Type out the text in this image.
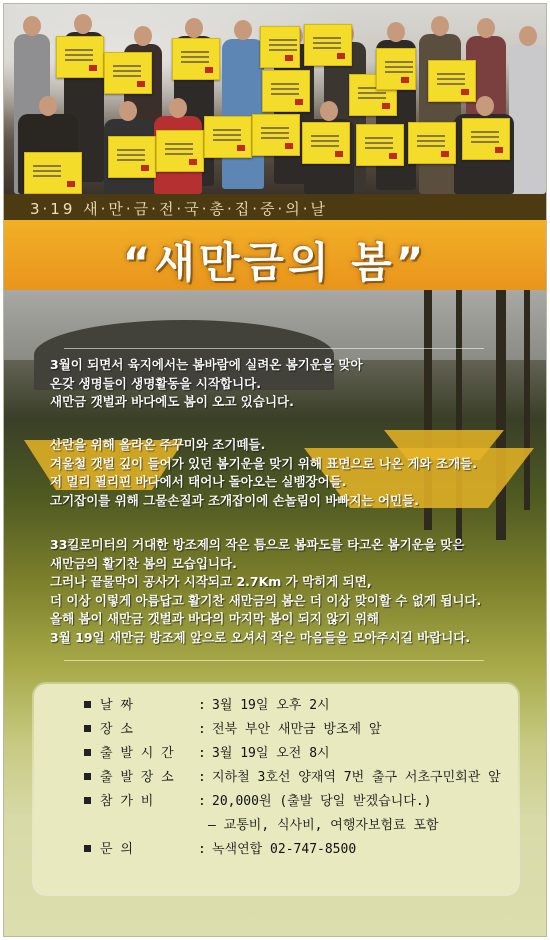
3·19 새·만·금·전·국·총·집·중·의·날
“새만금의 봄”
3월이 되면서 육지에서는 봄바람에 실려온 봄기운을 맞아
온갖 생명들이 생명활동을 시작합니다.
새만금 갯벌과 바다에도 봄이 오고 있습니다.
산란을 위해 올라온 주꾸미와 조기떼들.
겨울철 갯벌 깊이 들어가 있던 봄기운을 맞기 위해 표면으로 나온 게와 조개들.
저 멀리 필리핀 바다에서 태어나 돌아오는 실뱀장어들.
고기잡이를 위해 그물손질과 조개잡이에 손놀림이 바빠지는 어민들.
33킬로미터의 거대한 방조제의 작은 틈으로 봄파도를 타고온 봄기운을 맞은
새만금의 활기찬 봄의 모습입니다.
그러나 끝물막이 공사가 시작되고 2.7Km 가 막히게 되면,
더 이상 이렇게 아름답고 활기찬 새만금의 봄은 더 이상 맞이할 수 없게 됩니다.
올해 봄이 새만금 갯벌과 바다의 마지막 봄이 되지 않기 위해
3월 19일 새만금 방조제 앞으로 오셔서 작은 마음들을 모아주시길 바랍니다.
날 짜	: 3월 19일 오후 2시
장 소	: 전북 부안 새만금 방조제 앞
출 발 시 간 : 3월 19일 오전 8시
출 발 장 소 : 지하철 3호선 양재역 7번 출구 서초구민회관 앞
참 가 비	: 20,000원 (출발 당일 받겠습니다.)
– 교통비, 식사비, 여행자보험료 포함
문 의	: 녹색연합 02-747-8500
